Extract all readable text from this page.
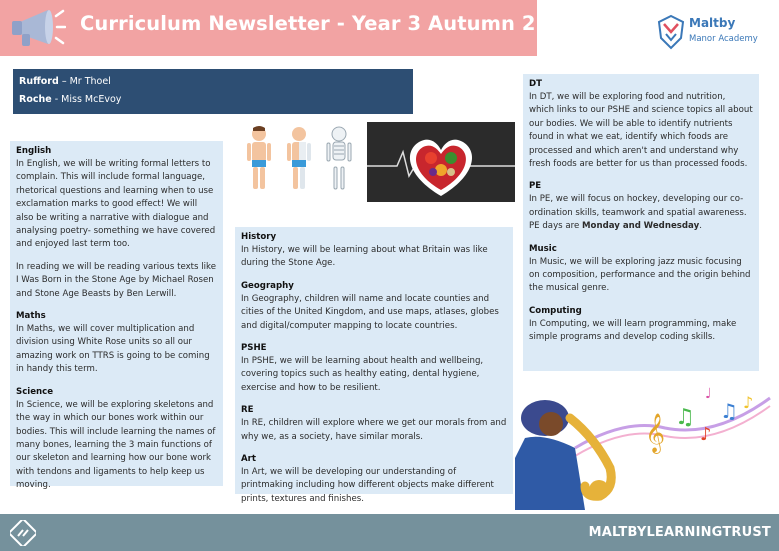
Curriculum Newsletter - Year 3 Autumn 2	Maltby
Manor Academy
Rufford – Mr Thoel
Roche - Miss McEvoy
English

In English, we will be writing formal letters to complain. This will include formal language, rhetorical questions and learning when to use exclamation marks to good effect! We will also be writing a narrative with dialogue and analysing poetry- something we have covered and enjoyed last term too.

In reading we will be reading various texts like I Was Born in the Stone Age by Michael Rosen and Stone Age Beasts by Ben Lerwill.

Maths

In Maths, we will cover multiplication and division using White Rose units so all our amazing work on TTRS is going to be coming in handy this term.

Science

In Science, we will be exploring skeletons and the way in which our bones work within our bodies. This will include learning the names of many bones, learning the 3 main functions of our skeleton and learning how our bone work with tendons and ligaments to help keep us moving.

History

In History, we will be learning about what Britain was like during the Stone Age.

Geography

In Geography, children will name and locate counties and cities of the United Kingdom, and use maps, atlases, globes and digital/computer mapping to locate countries.

PSHE

In PSHE, we will be learning about health and wellbeing, covering topics such as healthy eating, dental hygiene, exercise and how to be resilient.

RE

In RE, children will explore where we get our morals from and why we, as a society, have similar morals.

Art

In Art, we will be developing our understanding of printmaking including how different objects make different prints, textures and finishes.

DT

In DT, we will be exploring food and nutrition, which links to our PSHE and science topics all about our bodies. We will be able to identify nutrients found in what we eat, identify which foods are processed and which aren't and understand why fresh foods are better for us than processed foods.

PE

In PE, we will focus on hockey, developing our co-ordination skills, teamwork and spatial awareness. PE days are Monday and Wednesday.

Music

In Music, we will be exploring jazz music focusing on composition, performance and the origin behind the musical genre.

Computing

In Computing, we will learn programming, make simple programs and develop coding skills.

𝄞 ♫
♪
♫ ♪
♩
MALTBYLEARNINGTRUST
